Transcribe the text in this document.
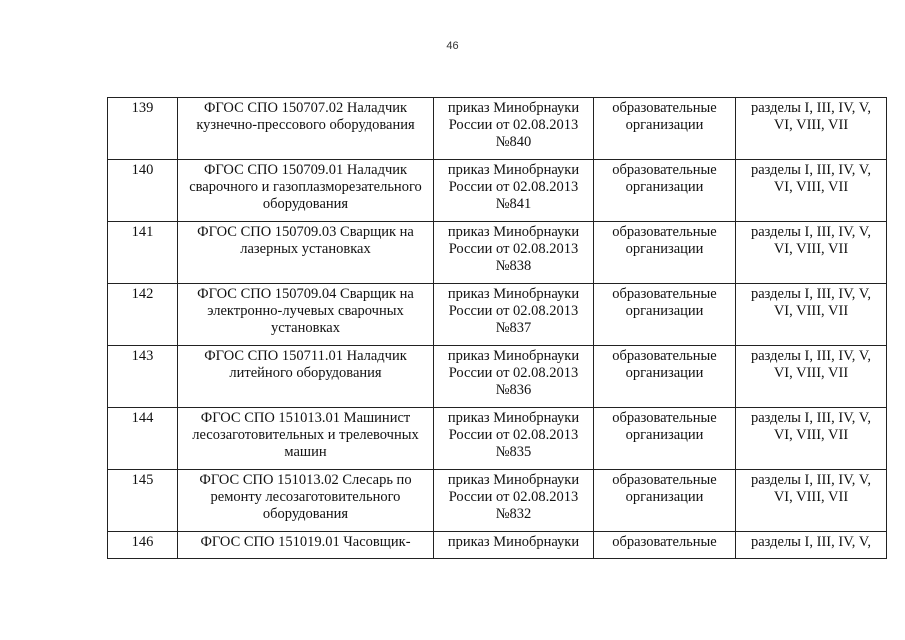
46
139	ФГОС СПО 150707.02 Наладчик кузнечно-прессового оборудования	приказ Минобрнауки России от 02.08.2013 №840	образовательные организации	разделы I, III, IV, V, VI, VIII, VII
140	ФГОС СПО 150709.01 Наладчик сварочного и газоплазморезательного оборудования	приказ Минобрнауки России от 02.08.2013 №841	образовательные организации	разделы I, III, IV, V, VI, VIII, VII
141	ФГОС СПО 150709.03 Сварщик на лазерных установках	приказ Минобрнауки России от 02.08.2013 №838	образовательные организации	разделы I, III, IV, V, VI, VIII, VII
142	ФГОС СПО 150709.04 Сварщик на электронно-лучевых сварочных установках	приказ Минобрнауки России от 02.08.2013 №837	образовательные организации	разделы I, III, IV, V, VI, VIII, VII
143	ФГОС СПО 150711.01 Наладчик литейного оборудования	приказ Минобрнауки России от 02.08.2013 №836	образовательные организации	разделы I, III, IV, V, VI, VIII, VII
144	ФГОС СПО 151013.01 Машинист лесозаготовительных и трелевочных машин	приказ Минобрнауки России от 02.08.2013 №835	образовательные организации	разделы I, III, IV, V, VI, VIII, VII
145	ФГОС СПО 151013.02 Слесарь по ремонту лесозаготовительного оборудования	приказ Минобрнауки России от 02.08.2013 №832	образовательные организации	разделы I, III, IV, V, VI, VIII, VII
146	ФГОС СПО 151019.01 Часовщик-	приказ Минобрнауки	образовательные	разделы I, III, IV, V,
